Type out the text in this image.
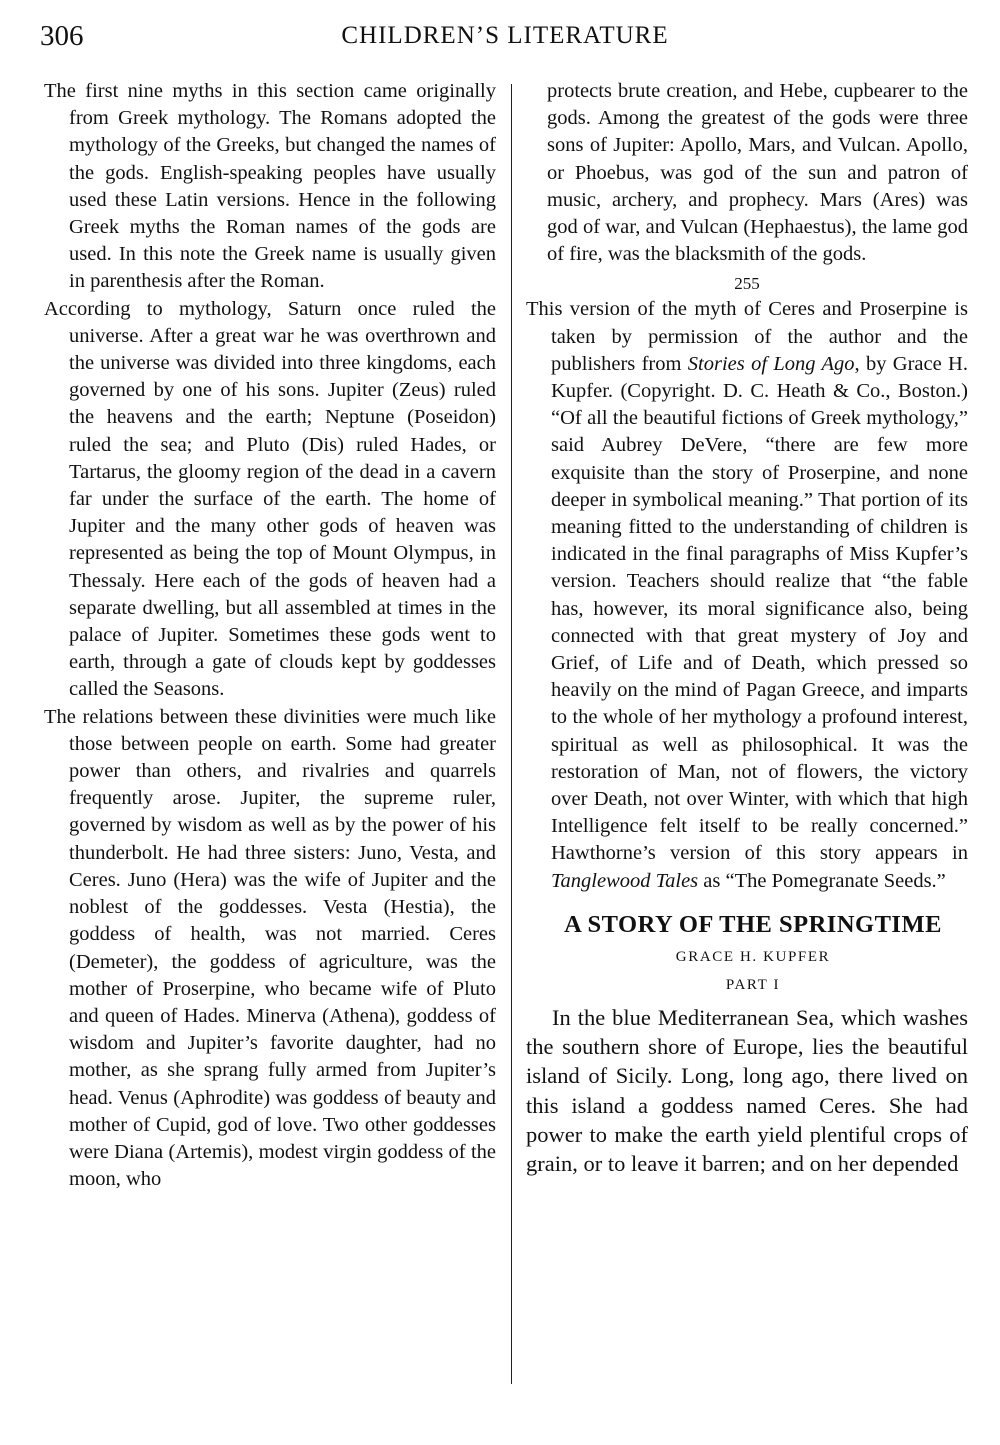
306	CHILDREN’S LITERATURE

The first nine myths in this section came originally from Greek mythology. The Romans adopted the mythology of the Greeks, but changed the names of the gods. English-speaking peoples have usually used these Latin versions. Hence in the following Greek myths the Roman names of the gods are used. In this note the Greek name is usually given in parenthesis after the Roman.

According to mythology, Saturn once ruled the universe. After a great war he was overthrown and the universe was divided into three kingdoms, each governed by one of his sons. Jupiter (Zeus) ruled the heavens and the earth; Neptune (Poseidon) ruled the sea; and Pluto (Dis) ruled Hades, or Tartarus, the gloomy region of the dead in a cavern far under the surface of the earth. The home of Jupiter and the many other gods of heaven was represented as being the top of Mount Olympus, in Thessaly. Here each of the gods of heaven had a separate dwelling, but all assembled at times in the palace of Jupiter. Sometimes these gods went to earth, through a gate of clouds kept by goddesses called the Seasons.

The relations between these divinities were much like those between people on earth. Some had greater power than others, and rivalries and quarrels frequently arose. Jupiter, the supreme ruler, governed by wisdom as well as by the power of his thunderbolt. He had three sisters: Juno, Vesta, and Ceres. Juno (Hera) was the wife of Jupiter and the noblest of the goddesses. Vesta (Hestia), the goddess of health, was not married. Ceres (Demeter), the goddess of agriculture, was the mother of Proserpine, who became wife of Pluto and queen of Hades. Minerva (Athena), goddess of wisdom and Jupiter’s favorite daughter, had no mother, as she sprang fully armed from Jupiter’s head. Venus (Aphrodite) was goddess of beauty and mother of Cupid, god of love. Two other goddesses were Diana (Artemis), modest virgin goddess of the moon, who

protects brute creation, and Hebe, cupbearer to the gods. Among the greatest of the gods were three sons of Jupiter: Apollo, Mars, and Vulcan. Apollo, or Phoebus, was god of the sun and patron of music, archery, and prophecy. Mars (Ares) was god of war, and Vulcan (Hephaestus), the lame god of fire, was the blacksmith of the gods.

255

This version of the myth of Ceres and Proserpine is taken by permission of the author and the publishers from Stories of Long Ago, by Grace H. Kupfer. (Copyright. D. C. Heath & Co., Boston.) “Of all the beautiful fictions of Greek mythology,” said Aubrey DeVere, “there are few more exquisite than the story of Proserpine, and none deeper in symbolical meaning.” That portion of its meaning fitted to the understanding of children is indicated in the final paragraphs of Miss Kupfer’s version. Teachers should realize that “the fable has, however, its moral significance also, being connected with that great mystery of Joy and Grief, of Life and of Death, which pressed so heavily on the mind of Pagan Greece, and imparts to the whole of her mythology a profound interest, spiritual as well as philosophical. It was the restoration of Man, not of flowers, the victory over Death, not over Winter, with which that high Intelligence felt itself to be really concerned.” Hawthorne’s version of this story appears in Tanglewood Tales as “The Pomegranate Seeds.”

A STORY OF THE SPRINGTIME

GRACE H. KUPFER

PART I

In the blue Mediterranean Sea, which washes the southern shore of Europe, lies the beautiful island of Sicily. Long, long ago, there lived on this island a goddess named Ceres. She had power to make the earth yield plentiful crops of grain, or to leave it barren; and on her depended
